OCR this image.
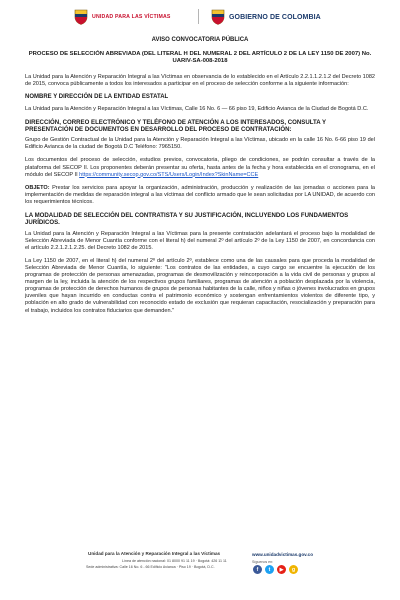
UNIDAD PARA LAS VÍCTIMAS	GOBIERNO DE COLOMBIA

AVISO CONVOCATORIA PÚBLICA

PROCESO DE SELECCIÓN ABREVIADA (DEL LITERAL H DEL NUMERAL 2 DEL ARTÍCULO 2 DE LA LEY 1150 DE 2007) No. UARIV-SA-008-2018

La Unidad para la Atención y Reparación Integral a las Víctimas en observancia de lo establecido en el Artículo 2.2.1.1.2.1.2 del Decreto 1082 de 2015, convoca públicamente a todos los interesados a participar en el proceso de selección conforme a la siguiente información:

NOMBRE Y DIRECCIÓN DE LA ENTIDAD ESTATAL

La Unidad para la Atención y Reparación Integral a las Víctimas, Calle 16 No. 6 — 66 piso 19, Edificio Avianca de la Ciudad de Bogotá D.C.

DIRECCIÓN, CORREO ELECTRÓNICO Y TELÉFONO DE ATENCIÓN A LOS INTERESADOS, CONSULTA Y PRESENTACIÓN DE DOCUMENTOS EN DESARROLLO DEL PROCESO DE CONTRATACIÓN:

Grupo de Gestión Contractual de la Unidad para la Atención y Reparación Integral a las Víctimas, ubicado en la calle 16 No. 6-66 piso 19 del Edificio Avianca de la ciudad de Bogotá D.C Teléfono: 7965150.

Los documentos del proceso de selección, estudios previos, convocatoria, pliego de condiciones, se podrán consultar a través de la plataforma del SECOP II. Los proponentes deberán presentar su oferta, hasta antes de la fecha y hora establecida en el cronograma, en el módulo del SECOP II https://community.secop.gov.co/STS/Users/Login/Index?SkinName=CCE

OBJETO: Prestar los servicios para apoyar la organización, administración, producción y realización de las jornadas o acciones para la implementación de medidas de reparación integral a las víctimas del conflicto armado que le sean solicitadas por LA UNIDAD, de acuerdo con los requerimientos técnicos.

LA MODALIDAD DE SELECCIÓN DEL CONTRATISTA Y SU JUSTIFICACIÓN, INCLUYENDO LOS FUNDAMENTOS JURÍDICOS.

La Unidad para la Atención y Reparación Integral a las Víctimas para la presente contratación adelantará el proceso bajo la modalidad de Selección Abreviada de Menor Cuantía conforme con el literal h) del numeral 2º del artículo 2º de la Ley 1150 de 2007, en concordancia con el artículo 2.2.1.2.1.2.25. del Decreto 1082 de 2015.

La Ley 1150 de 2007, en el literal h) del numeral 2º del artículo 2º, establece como una de las causales para que proceda la modalidad de Selección Abreviada de Menor Cuantía, lo siguiente: "Los contratos de las entidades, a cuyo cargo se encuentre la ejecución de los programas de protección de personas amenazadas, programas de desmovilización y reincorporación a la vida civil de personas y grupos al margen de la ley, incluida la atención de los respectivos grupos familiares, programas de atención a población desplazada por la violencia, programas de protección de derechos humanos de grupos de personas habitantes de la calle, niños y niñas o jóvenes involucrados en grupos juveniles que hayan incurrido en conductas contra el patrimonio económico y sostengan enfrentamientos violentos de diferente tipo, y población en alto grado de vulnerabilidad con reconocido estado de exclusión que requieran capacitación, resocialización y preparación para el trabajo, incluidos los contratos fiduciarios que demanden."

Unidad para la Atención y Reparación Integral a las Víctimas
Línea de atención nacional: 01 8000 91 11 19 · Bogotá: 426 11 11
Sede administrativa: Calle 16 No. 6 - 66 Edificio Avianca · Piso 19 · Bogotá, D.C.
www.unidadvictimas.gov.co
Síguenos en:
f	t	▶	g
